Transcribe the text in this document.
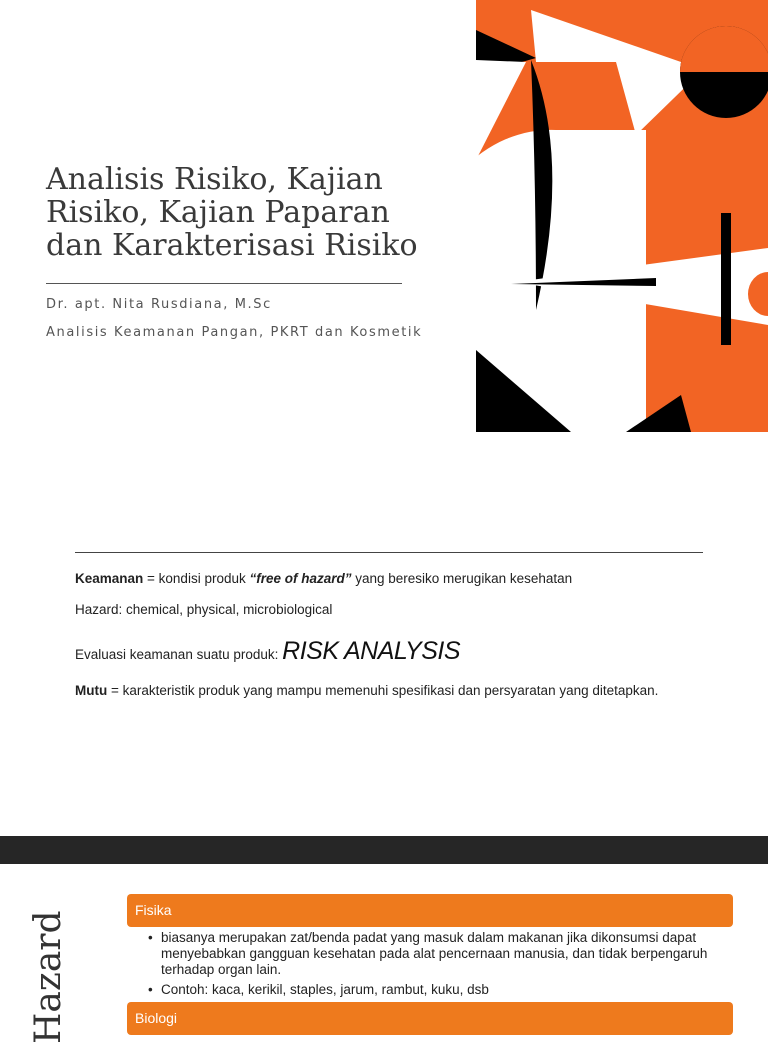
Analisis Risiko, Kajian Risiko, Kajian Paparan dan Karakterisasi Risiko
Dr. apt. Nita Rusdiana, M.Sc
Analisis Keamanan Pangan, PKRT dan Kosmetik
Keamanan = kondisi produk “free of hazard” yang beresiko merugikan kesehatan
Hazard: chemical, physical, microbiological
Evaluasi keamanan suatu produk: RISK ANALYSIS
Mutu = karakteristik produk yang mampu memenuhi spesifikasi dan persyaratan yang ditetapkan.
Hazard
Fisika
• biasanya merupakan zat/benda padat yang masuk dalam makanan jika dikonsumsi dapat menyebabkan gangguan kesehatan pada alat pencernaan manusia, dan tidak berpengaruh terhadap organ lain.
• Contoh: kaca, kerikil, staples, jarum, rambut, kuku, dsb
Biologi
